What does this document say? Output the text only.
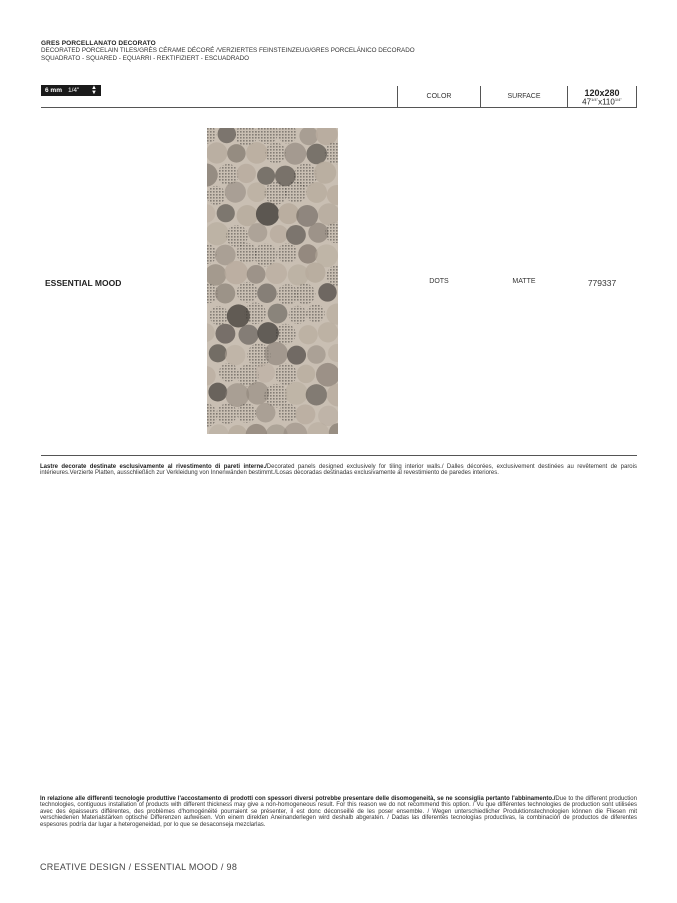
GRES PORCELLANATO DECORATO
DECORATED PORCELAIN TILES/GRÈS CÉRAME DÉCORÉ /VERZIERTES FEINSTEINZEUG/GRES PORCELÁNICO DECORADO
SQUADRATO - SQUARED - EQUARRI - REKTIFIZIERT - ESCUADRADO
6 mm 1/4" ▲
▼
COLOR	SURFACE	120x280
$47^{1/4"}x110^{1/4"}$
ESSENTIAL MOOD	DOTS	MATTE	779337
Lastre decorate destinate esclusivamente al rivestimento di pareti interne./Decorated panels designed exclusively for tiling interior walls./ Dalles décorées, exclusivement destinées au revêtement de parois intérieures.Verzierte Platten, ausschließlich zur Verkleidung von Innenwänden bestimmt./Losas decoradas destinadas exclusivamente al revestimiento de paredes interiores.
In relazione alle differenti tecnologie produttive l'accostamento di prodotti con spessori diversi potrebbe presentare delle disomogeneità, se ne sconsiglia pertanto l'abbinamento./Due to the different production technologies, contiguous installation of products with different thickness may give a non-homogeneous result. For this reason we do not recommend this option. / Vu que différentes technologies de production sont utilisées avec des épaisseurs différentes, des problèmes d'homogénéité pourraient se présenter, il est donc déconseillé de les poser ensemble. / Wegen unterschiedlicher Produktionstechnologien können die Fliesen mit verschiedenen Materialstärken optische Differenzen aufweisen. Von einem direkten Aneinanderlegen wird deshalb abgeraten. / Dadas las diferentes tecnologías productivas, la combinación de productos de diferentes espesores podría dar lugar a heterogeneidad, por lo que se desaconseja mezclarlas.
CREATIVE DESIGN / ESSENTIAL MOOD / 98
